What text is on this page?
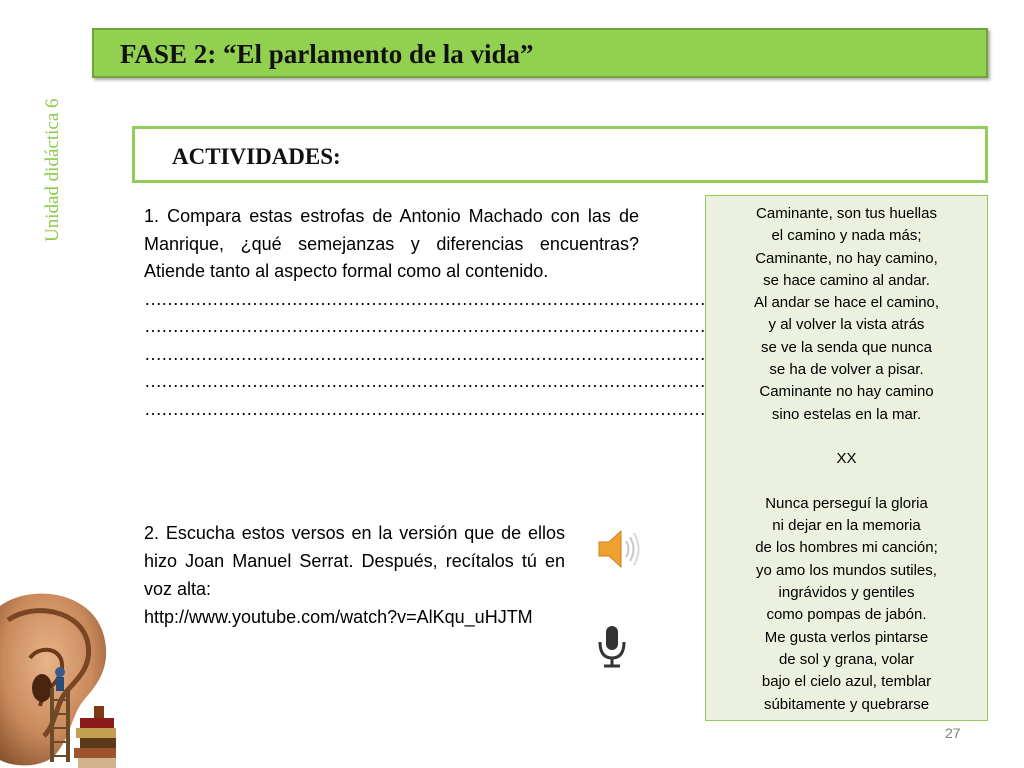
Unidad didáctica 6
FASE 2: “El parlamento de la vida”
ACTIVIDADES:

1. Compara estas estrofas de Antonio Machado con las de Manrique, ¿qué semejanzas y diferencias encuentras? Atiende tanto al aspecto formal como al contenido.

………………………………………………………………………………………
………………………………………………………………………………………
………………………………………………………………………………………
………………………………………………………………………………………
………………………………………………………………………………………
2. Escucha estos versos en la versión que de ellos hizo Joan Manuel Serrat. Después, recítalos tú en voz alta:
http://www.youtube.com/watch?v=AlKqu_uHJTM
Caminante, son tus huellas
el camino y nada más;
Caminante, no hay camino,
se hace camino al andar.
Al andar se hace el camino,
y al volver la vista atrás
se ve la senda que nunca
se ha de volver a pisar.
Caminante no hay camino
sino estelas en la mar.
XX
Nunca perseguí la gloria
ni dejar en la memoria
de los hombres mi canción;
yo amo los mundos sutiles,
ingrávidos y gentiles
como pompas de jabón.
Me gusta verlos pintarse
de sol y grana, volar
bajo el cielo azul, temblar
súbitamente y quebrarse
27
